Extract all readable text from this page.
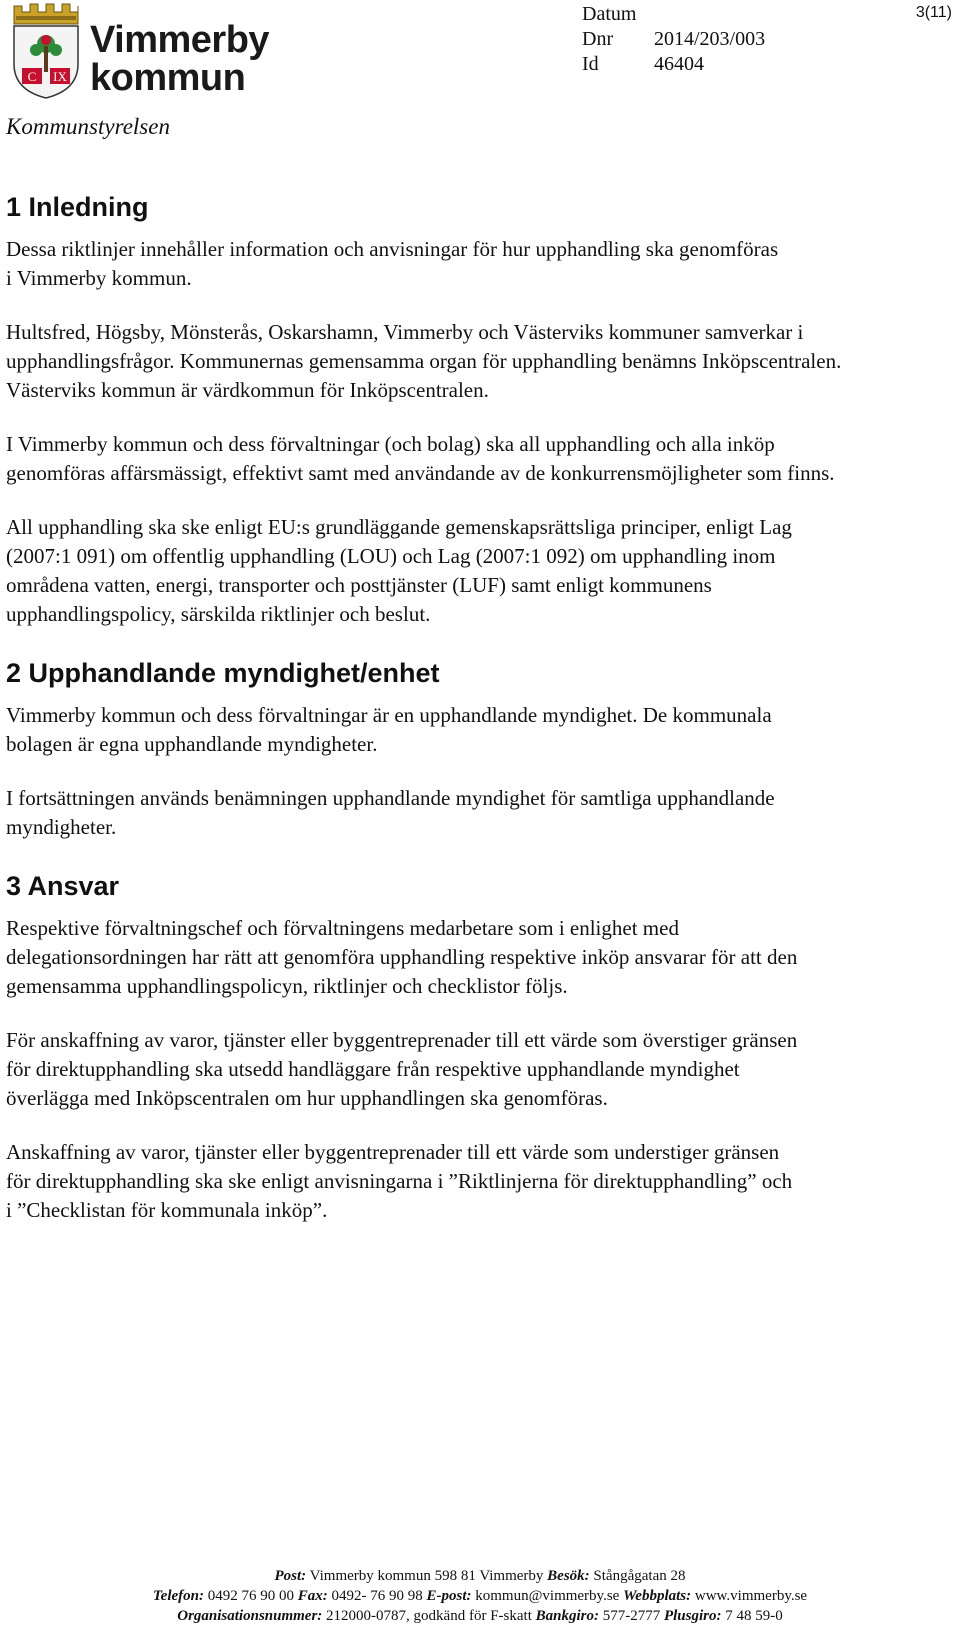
C IX
Vimmerby
kommun
Kommunstyrelsen
Datum
Dnr	2014/203/003
Id	46404
3(11)
1 Inledning

Dessa riktlinjer innehåller information och anvisningar för hur upphandling ska genomföras
i Vimmerby kommun.

Hultsfred, Högsby, Mönsterås, Oskarshamn, Vimmerby och Västerviks kommuner samverkar i
upphandlingsfrågor. Kommunernas gemensamma organ för upphandling benämns Inköpscentralen.
Västerviks kommun är värdkommun för Inköpscentralen.

I Vimmerby kommun och dess förvaltningar (och bolag) ska all upphandling och alla inköp
genomföras affärsmässigt, effektivt samt med användande av de konkurrensmöjligheter som finns.

All upphandling ska ske enligt EU:s grundläggande gemenskapsrättsliga principer, enligt Lag
(2007:1 091) om offentlig upphandling (LOU) och Lag (2007:1 092) om upphandling inom
områdena vatten, energi, transporter och posttjänster (LUF) samt enligt kommunens
upphandlingspolicy, särskilda riktlinjer och beslut.

2 Upphandlande myndighet/enhet

Vimmerby kommun och dess förvaltningar är en upphandlande myndighet. De kommunala
bolagen är egna upphandlande myndigheter.

I fortsättningen används benämningen upphandlande myndighet för samtliga upphandlande
myndigheter.

3 Ansvar

Respektive förvaltningschef och förvaltningens medarbetare som i enlighet med
delegationsordningen har rätt att genomföra upphandling respektive inköp ansvarar för att den
gemensamma upphandlingspolicyn, riktlinjer och checklistor följs.

För anskaffning av varor, tjänster eller byggentreprenader till ett värde som överstiger gränsen
för direktupphandling ska utsedd handläggare från respektive upphandlande myndighet
överlägga med Inköpscentralen om hur upphandlingen ska genomföras.

Anskaffning av varor, tjänster eller byggentreprenader till ett värde som understiger gränsen
för direktupphandling ska ske enligt anvisningarna i ”Riktlinjerna för direktupphandling” och
i ”Checklistan för kommunala inköp”.

Post: Vimmerby kommun 598 81 Vimmerby Besök: Stångågatan 28
Telefon: 0492 76 90 00 Fax: 0492- 76 90 98 E-post: kommun@vimmerby.se Webbplats: www.vimmerby.se
Organisationsnummer: 212000-0787, godkänd för F-skatt Bankgiro: 577-2777 Plusgiro: 7 48 59-0
